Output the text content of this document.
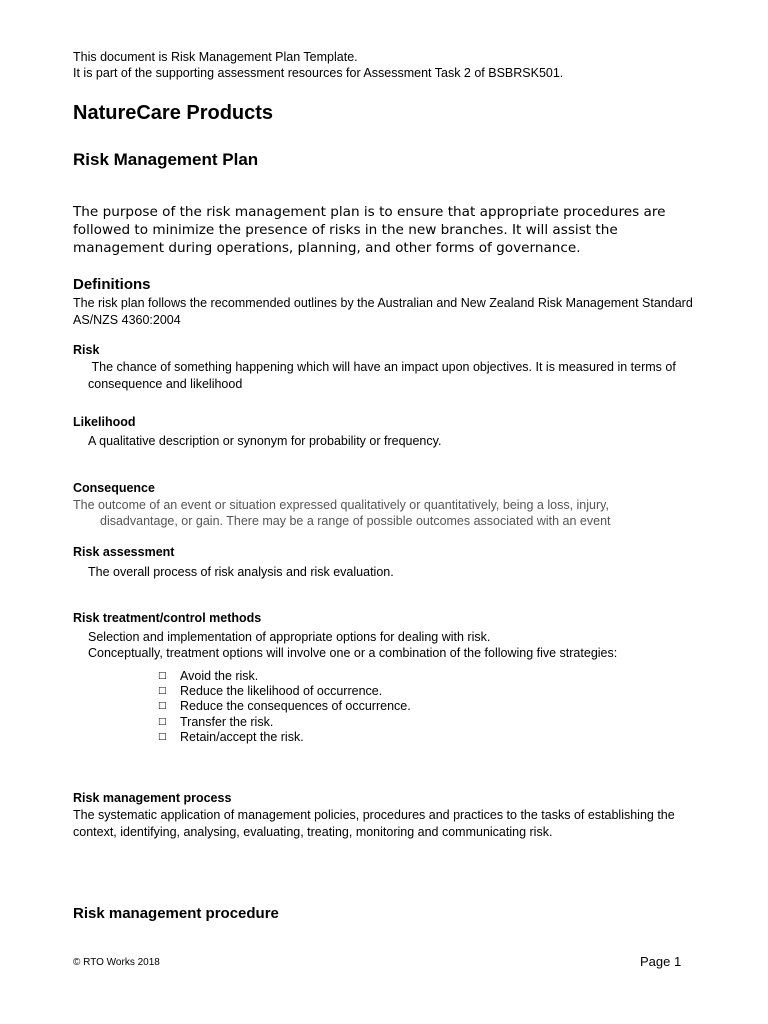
This document is Risk Management Plan Template.
It is part of the supporting assessment resources for Assessment Task 2 of BSBRSK501.
NatureCare Products
Risk Management Plan
The purpose of the risk management plan is to ensure that appropriate procedures are followed to minimize the presence of risks in the new branches. It will assist the management during operations, planning, and other forms of governance.
Definitions
The risk plan follows the recommended outlines by the Australian and New Zealand Risk Management Standard AS/NZS 4360:2004
Risk
The chance of something happening which will have an impact upon objectives. It is measured in terms of consequence and likelihood
Likelihood
A qualitative description or synonym for probability or frequency.
Consequence
The outcome of an event or situation expressed qualitatively or quantitatively, being a loss, injury,
disadvantage, or gain. There may be a range of possible outcomes associated with an event
Risk assessment
The overall process of risk analysis and risk evaluation.
Risk treatment/control methods
Selection and implementation of appropriate options for dealing with risk.
Conceptually, treatment options will involve one or a combination of the following five strategies:
□ Avoid the risk.
□ Reduce the likelihood of occurrence.
□ Reduce the consequences of occurrence.
□ Transfer the risk.
□ Retain/accept the risk.
Risk management process
The systematic application of management policies, procedures and practices to the tasks of establishing the context, identifying, analysing, evaluating, treating, monitoring and communicating risk.
Risk management procedure
© RTO Works 2018	Page 1
